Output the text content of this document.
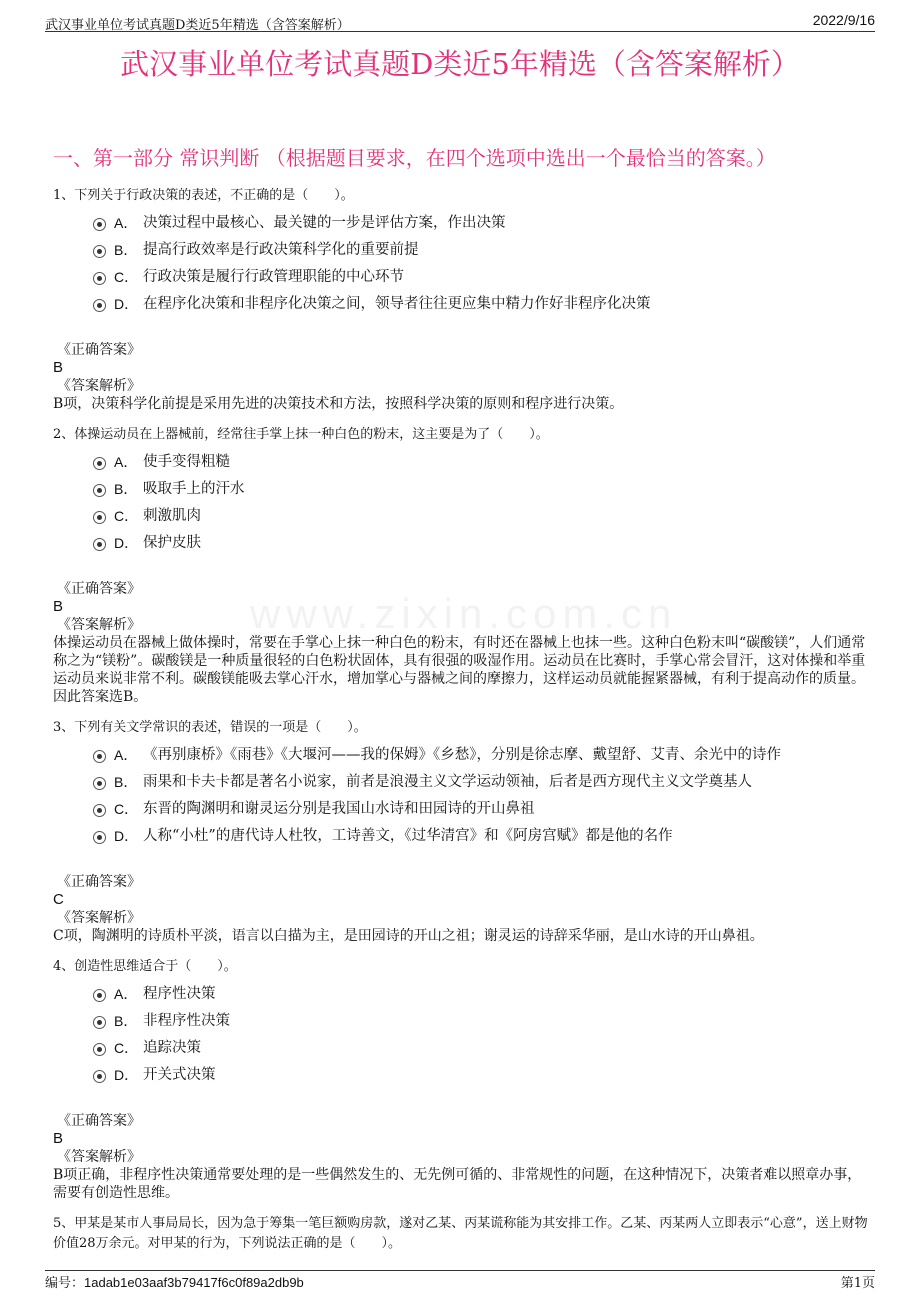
武汉事业单位考试真题D类近5年精选（含答案解析）	2022/9/16
www.zixin.com.cn
武汉事业单位考试真题D类近5年精选（含答案解析）
一、第一部分 常识判断 （根据题目要求，在四个选项中选出一个最恰当的答案。）
1、下列关于行政决策的表述，不正确的是（　　）。
A． 决策过程中最核心、最关键的一步是评估方案，作出决策
B． 提高行政效率是行政决策科学化的重要前提
C． 行政决策是履行行政管理职能的中心环节
D． 在程序化决策和非程序化决策之间，领导者往往更应集中精力作好非程序化决策
《正确答案》
B
《答案解析》
B项，决策科学化前提是采用先进的决策技术和方法，按照科学决策的原则和程序进行决策。
2、体操运动员在上器械前，经常往手掌上抹一种白色的粉末，这主要是为了（　　）。
A． 使手变得粗糙
B． 吸取手上的汗水
C． 刺激肌肉
D． 保护皮肤
《正确答案》
B
《答案解析》
体操运动员在器械上做体操时，常要在手掌心上抹一种白色的粉末，有时还在器械上也抹一些。这种白色粉末叫“碳酸镁”，人们通常称之为“镁粉”。碳酸镁是一种质量很轻的白色粉状固体，具有很强的吸湿作用。运动员在比赛时，手掌心常会冒汗，这对体操和举重运动员来说非常不利。碳酸镁能吸去掌心汗水，增加掌心与器械之间的摩擦力，这样运动员就能握紧器械，有利于提高动作的质量。因此答案选B。
3、下列有关文学常识的表述，错误的一项是（　　）。
A． 《再别康桥》《雨巷》《大堰河——我的保姆》《乡愁》，分别是徐志摩、戴望舒、艾青、余光中的诗作
B． 雨果和卡夫卡都是著名小说家，前者是浪漫主义文学运动领袖，后者是西方现代主义文学奠基人
C． 东晋的陶渊明和谢灵运分别是我国山水诗和田园诗的开山鼻祖
D． 人称“小杜”的唐代诗人杜牧，工诗善文，《过华清宫》和《阿房宫赋》都是他的名作
《正确答案》
C
《答案解析》
C项，陶渊明的诗质朴平淡，语言以白描为主，是田园诗的开山之祖；谢灵运的诗辞采华丽，是山水诗的开山鼻祖。
4、创造性思维适合于（　　）。
A． 程序性决策
B． 非程序性决策
C． 追踪决策
D． 开关式决策
《正确答案》
B
《答案解析》
B项正确，非程序性决策通常要处理的是一些偶然发生的、无先例可循的、非常规性的问题，在这种情况下，决策者难以照章办事，需要有创造性思维。
5、甲某是某市人事局局长，因为急于筹集一笔巨额购房款，遂对乙某、丙某谎称能为其安排工作。乙某、丙某两人立即表示“心意”，送上财物价值28万余元。对甲某的行为，下列说法正确的是（　　）。
编号：1adab1e03aaf3b79417f6c0f89a2db9b	第1页
